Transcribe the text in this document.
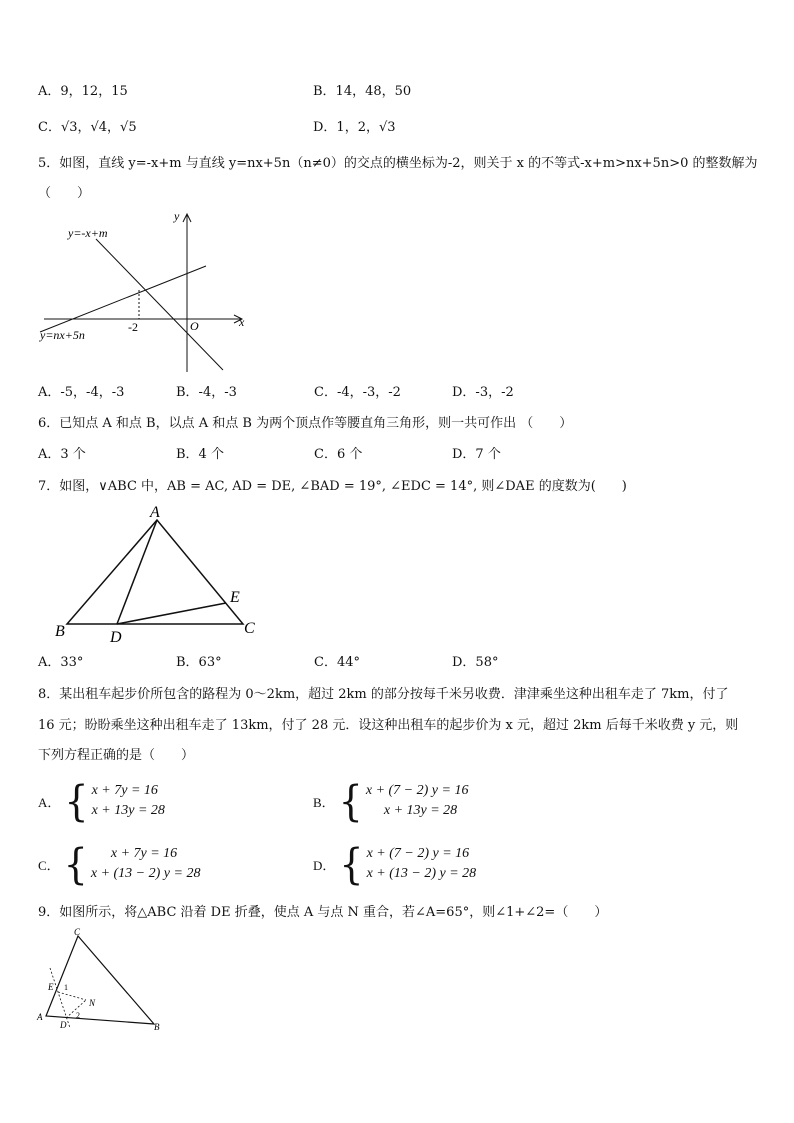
A．9，12，15	B．14，48，50
C．√3，√4，√5	D．1，2，√3
5．如图，直线 y=-x+m 与直线 y=nx+5n（n≠0）的交点的横坐标为-2，则关于 x 的不等式-x+m>nx+5n>0 的整数解为
（　　）
y=-x+m
y=nx+5n
-2	O	x
y
A．-5，-4，-3	B．-4，-3	C．-4，-3，-2	D．-3，-2
6．已知点 A 和点 B，以点 A 和点 B 为两个顶点作等腰直角三角形，则一共可作出 （　　）
A．3 个	B．4 个	C．6 个	D．7 个
7．如图，∨ABC 中，AB = AC, AD = DE, ∠BAD = 19°, ∠EDC = 14°, 则∠DAE 的度数为(　　)
A
B	C
D
E
A．33°	B．63°	C．44°	D．58°
8．某出租车起步价所包含的路程为 0～2km，超过 2km 的部分按每千米另收费．津津乘坐这种出租车走了 7km，付了
16 元；盼盼乘坐这种出租车走了 13km，付了 28 元．设这种出租车的起步价为 x 元，超过 2km 后每千米收费 y 元，则
下列方程正确的是（　　）
A． { x + 7y = 16
x + 13y = 28
B． { x + (7 − 2) y = 16
x + 13y = 28
C． {	x + 7y = 16
x + (13 − 2) y = 28
D． { x + (7 − 2) y = 16
x + (13 − 2) y = 28
9．如图所示，将△ABC 沿着 DE 折叠，使点 A 与点 N 重合，若∠A=65°，则∠1+∠2=（　　）
C
A
B
D
E
N
1
2
